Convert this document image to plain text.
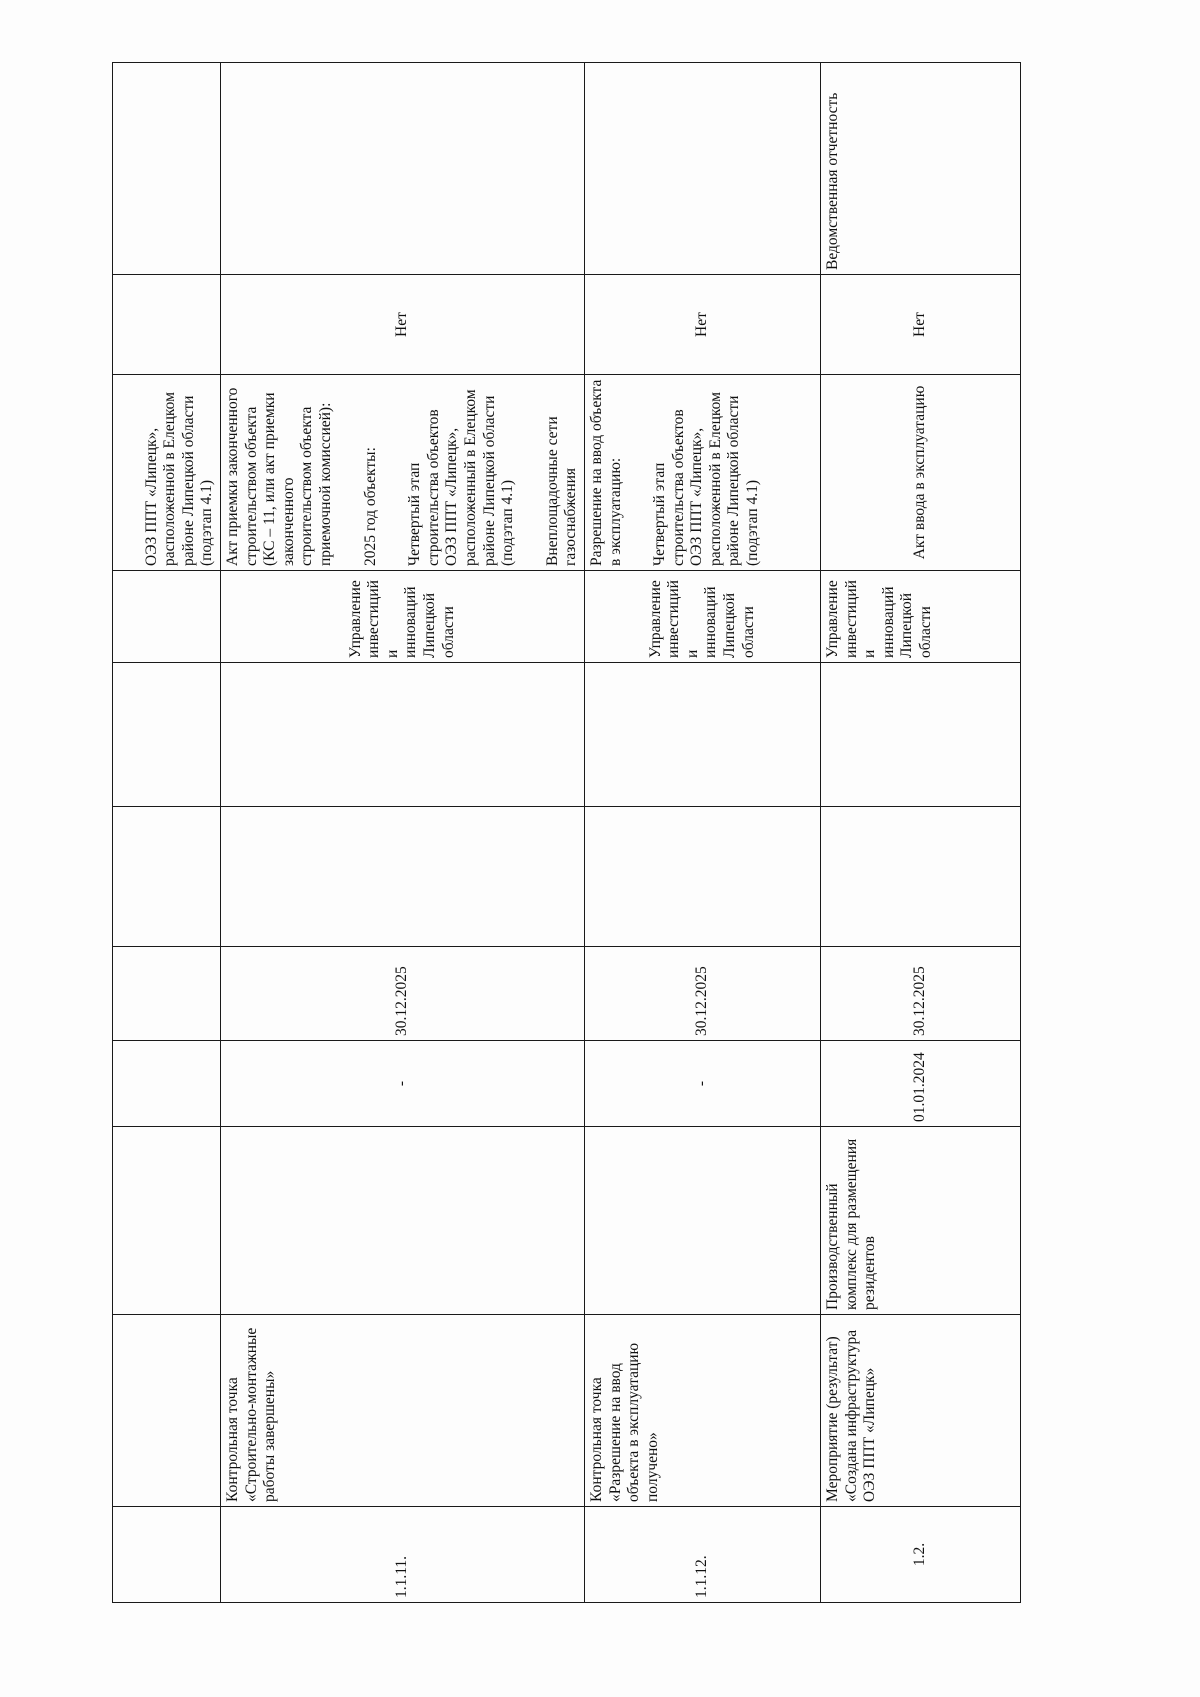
								ОЭЗ ППТ «Липецк», расположенной в Елецком районе Липецкой области (подэтап 4.1)		

1.1.11.	Контрольная точка «Строительно-монтажные работы завершены»		-	30.12.2025			Управление инвестиций и инноваций Липецкой области	Акт приемки законченного строительством объекта (КС – 11, или акт приемки законченного строительством объекта приемочной комиссией): 2025 год объекты: Четвертый этап строительства объектов ОЭЗ ППТ «Липецк», расположенный в Елецком районе Липецкой области (подэтап 4.1) Внеплощадочные сети газоснабжения	Нет	
1.1.12.	Контрольная точка «Разрешение на ввод объекта в эксплуатацию получено»		-	30.12.2025			Управление инвестиций и инноваций Липецкой области	Разрешение на ввод объекта в эксплуатацию: Четвертый этап строительства объектов ОЭЗ ППТ «Липецк», расположенной в Елецком районе Липецкой области (подэтап 4.1)	Нет	
1.2.	Мероприятие (результат) «Создана инфраструктура ОЭЗ ППТ «Липецк»	Производственный комплекс для размещения резидентов	01.01.2024	30.12.2025			Управление инвестиций и инноваций Липецкой области	Акт ввода в эксплуатацию	Нет	Ведомственная отчетность
